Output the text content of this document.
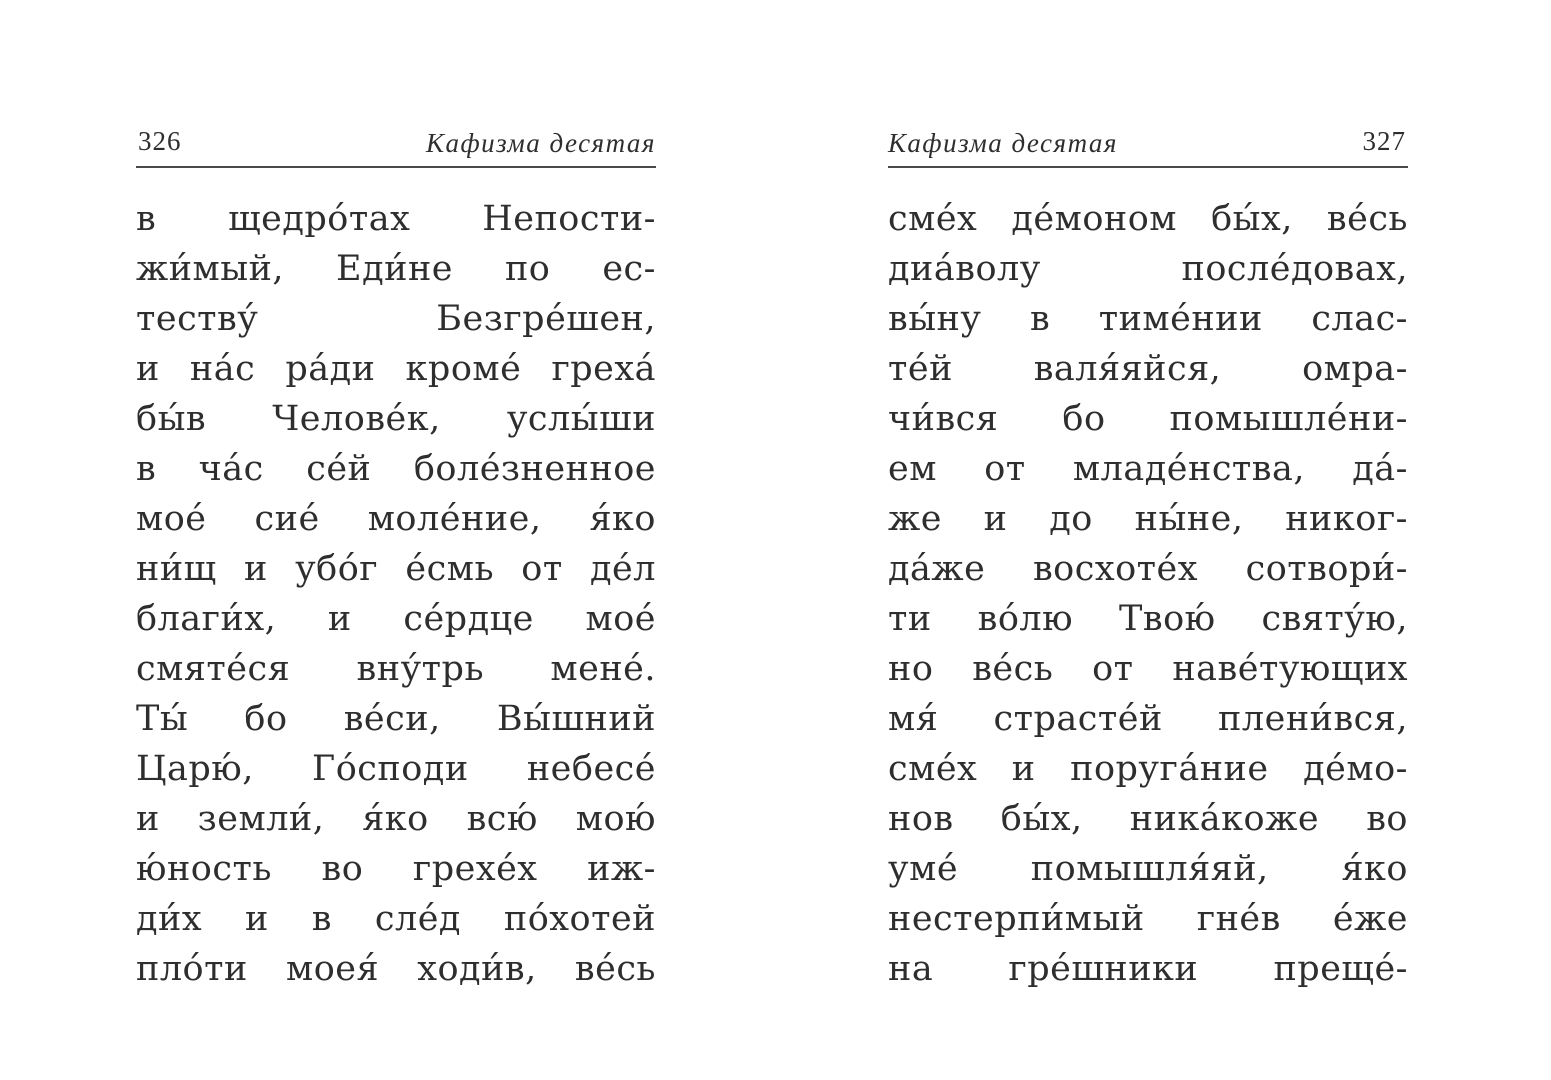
326	Кафизма десятая
в щедро́тах Непости-
жи́мый, Еди́не по ес-
теству́ Безгре́шен,
и на́с ра́ди кроме́ греха́
бы́в Челове́к, услы́ши
в ча́с се́й боле́зненное
мое́ сие́ моле́ние, я́ко
ни́щ и убо́г е́смь от де́л
благи́х, и се́рдце мое́
смяте́ся вну́трь мене́.
Ты́ бо ве́си, Вы́шний
Царю́, Го́споди небесе́
и земли́, я́ко всю́ мою́
ю́ность во грехе́х иж-
ди́х и в сле́д по́хотей
пло́ти моея́ ходи́в, ве́сь
Кафизма десятая	327
сме́х де́моном бы́х, ве́сь
диа́волу после́довах,
вы́ну в тиме́нии слас-
те́й валя́яйся, омра-
чи́вся бо помышле́ни-
ем от младе́нства, да́-
же и до ны́не, никог-
да́же восхоте́х сотвори́-
ти во́лю Твою́ святу́ю,
но ве́сь от наве́тующих
мя́ страсте́й плени́вся,
сме́х и поруга́ние де́мо-
нов бы́х, ника́коже во
уме́ помышля́яй, я́ко
нестерпи́мый гне́в е́же
на гре́шники преще́-
